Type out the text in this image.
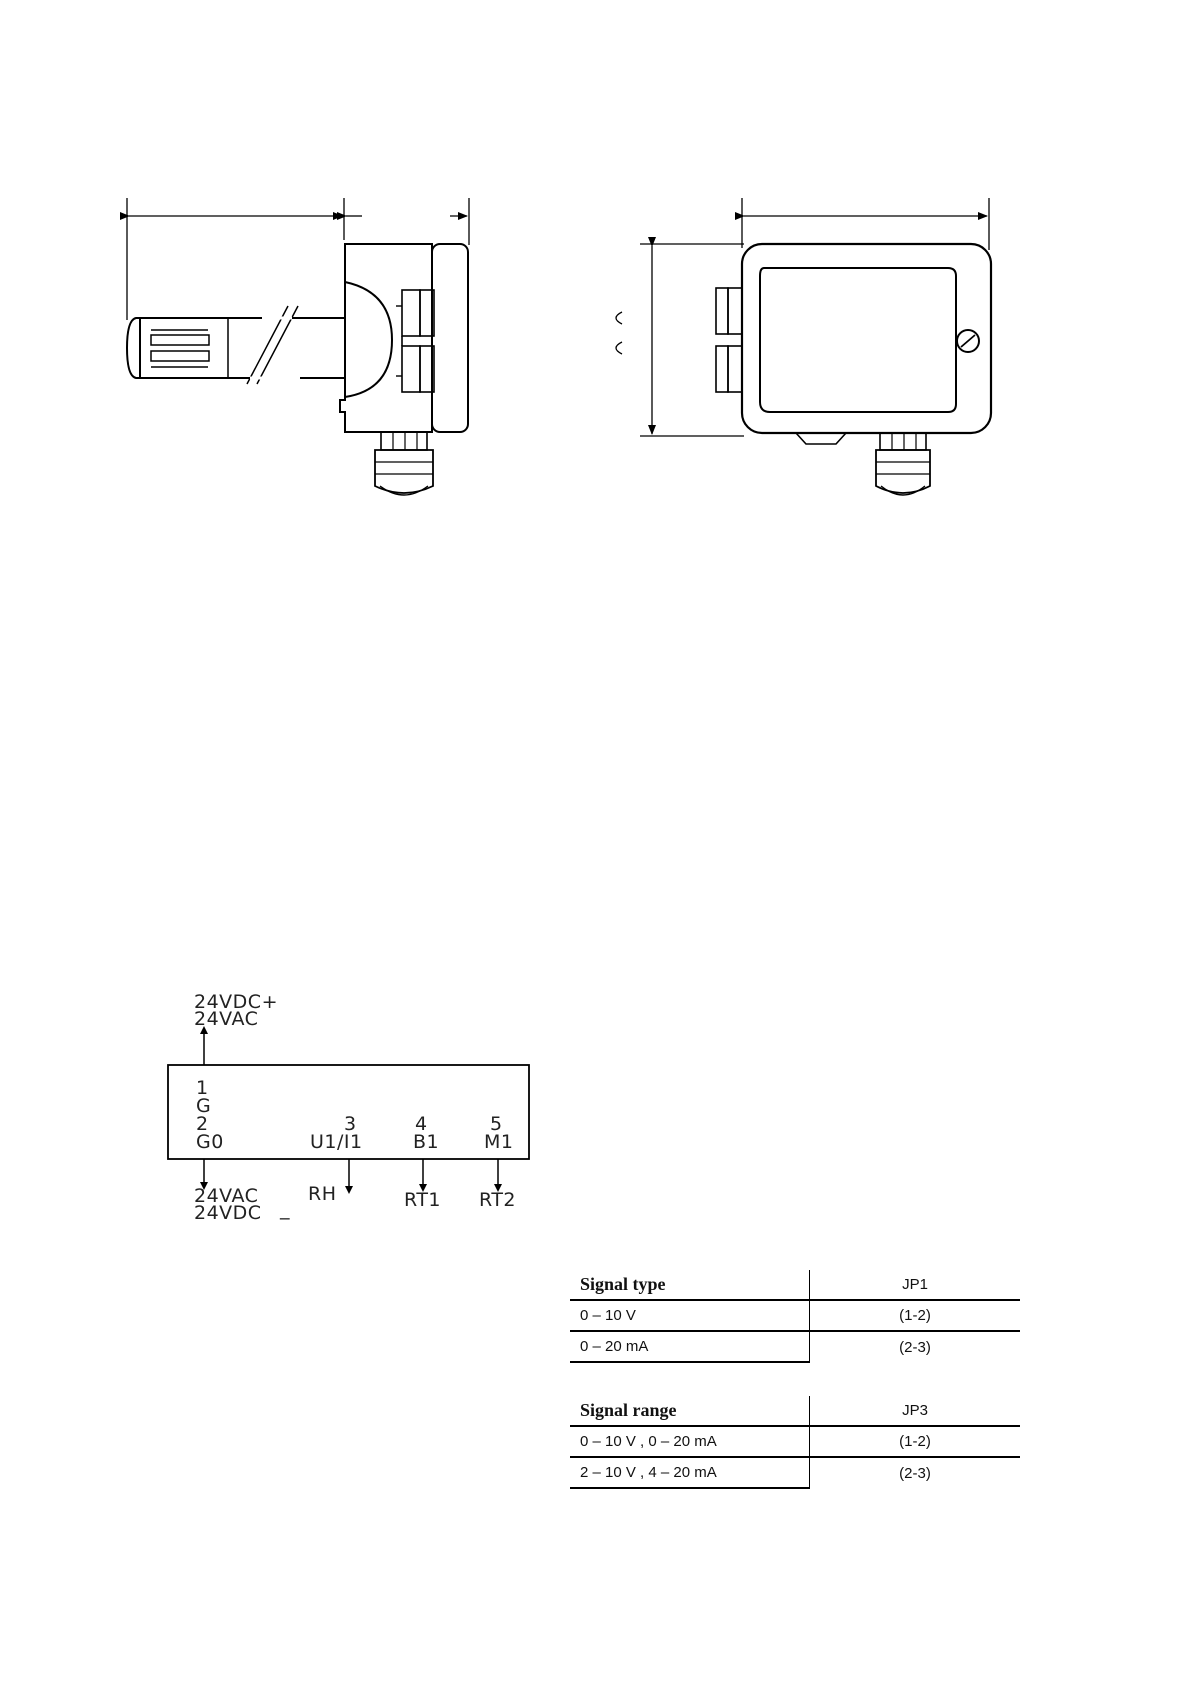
24VDC+
24VAC
1
G
2
G0
3
U1/I1
4
B1
5
M1
24VAC
24VDC _
RH	RT1 RT2
Signal type	JP1
0 – 10 V	(1-2)
0 – 20 mA	(2-3)
Signal range	JP3
0 – 10 V , 0 – 20 mA	(1-2)
2 – 10 V , 4 – 20 mA	(2-3)
